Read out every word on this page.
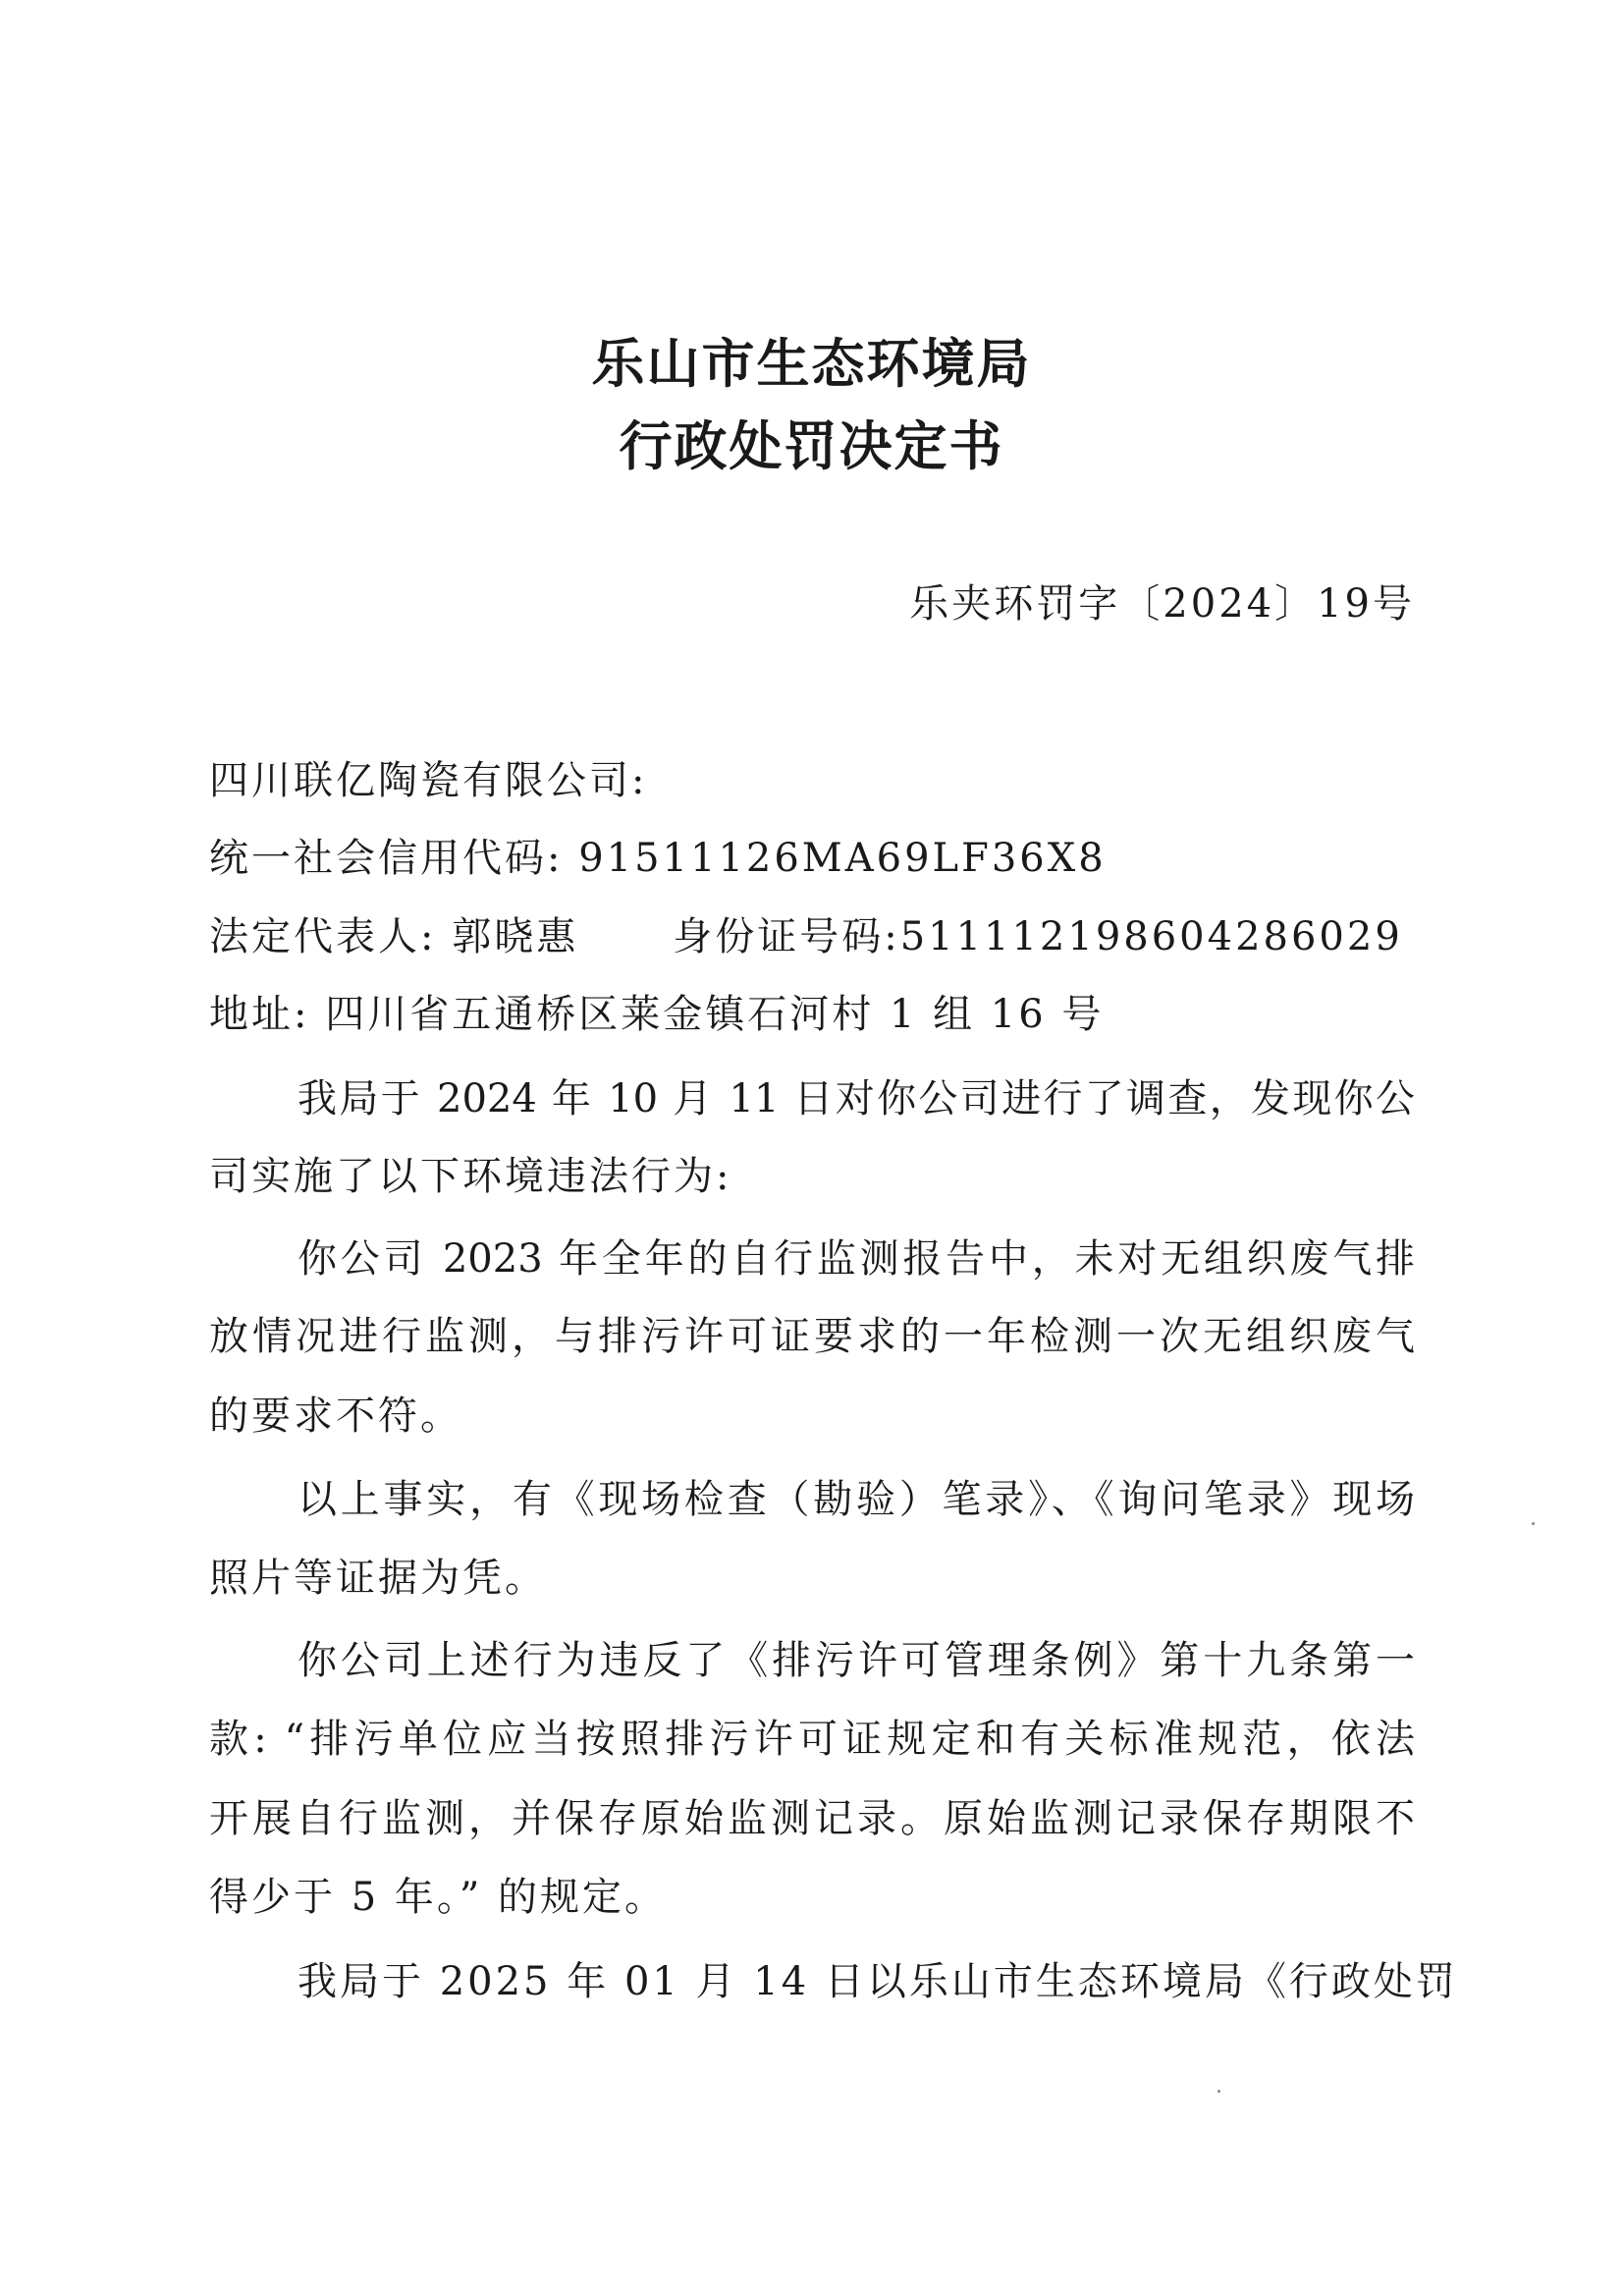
乐山市生态环境局
行政处罚决定书
乐夹环罚字〔2024〕19号
四川联亿陶瓷有限公司:
统一社会信用代码: 91511126MA69LF36X8
法定代表人: 郭晓惠 身份证号码:511112198604286029
地址: 四川省五通桥区莱金镇石河村 1 组 16 号
我局于 2024 年 10 月 11 日对你公司进行了调查，发现你公
司实施了以下环境违法行为:
你公司 2023 年全年的自行监测报告中，未对无组织废气排
放情况进行监测，与排污许可证要求的一年检测一次无组织废气
的要求不符。
以上事实，有《现场检查（勘验）笔录》、《询问笔录》现场
照片等证据为凭。
你公司上述行为违反了《排污许可管理条例》第十九条第一
款: “排污单位应当按照排污许可证规定和有关标准规范，依法
开展自行监测，并保存原始监测记录。原始监测记录保存期限不
得少于 5 年。” 的规定。
我局于 2025 年 01 月 14 日以乐山市生态环境局《行政处罚
